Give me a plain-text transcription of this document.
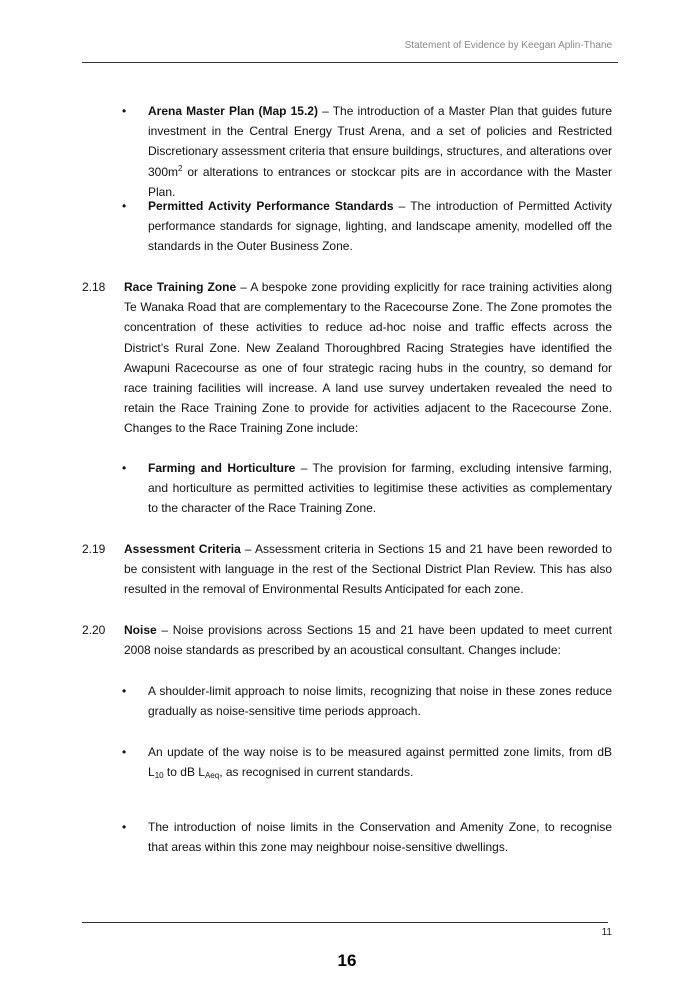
Statement of Evidence by Keegan Aplin-Thane
• Arena Master Plan (Map 15.2) – The introduction of a Master Plan that guides future investment in the Central Energy Trust Arena, and a set of policies and Restricted Discretionary assessment criteria that ensure buildings, structures, and alterations over $300m^2$ or alterations to entrances or stockcar pits are in accordance with the Master Plan.
• Permitted Activity Performance Standards – The introduction of Permitted Activity performance standards for signage, lighting, and landscape amenity, modelled off the standards in the Outer Business Zone.
2.18 Race Training Zone – A bespoke zone providing explicitly for race training activities along Te Wanaka Road that are complementary to the Racecourse Zone. The Zone promotes the concentration of these activities to reduce ad-hoc noise and traffic effects across the District’s Rural Zone. New Zealand Thoroughbred Racing Strategies have identified the Awapuni Racecourse as one of four strategic racing hubs in the country, so demand for race training facilities will increase. A land use survey undertaken revealed the need to retain the Race Training Zone to provide for activities adjacent to the Racecourse Zone. Changes to the Race Training Zone include:
• Farming and Horticulture – The provision for farming, excluding intensive farming, and horticulture as permitted activities to legitimise these activities as complementary to the character of the Race Training Zone.
2.19 Assessment Criteria – Assessment criteria in Sections 15 and 21 have been reworded to be consistent with language in the rest of the Sectional District Plan Review. This has also resulted in the removal of Environmental Results Anticipated for each zone.
2.20 Noise – Noise provisions across Sections 15 and 21 have been updated to meet current 2008 noise standards as prescribed by an acoustical consultant. Changes include:
• A shoulder-limit approach to noise limits, recognizing that noise in these zones reduce gradually as noise-sensitive time periods approach.
• An update of the way noise is to be measured against permitted zone limits, from dB $L_{10}$ to dB $L_{Aeq}$, as recognised in current standards.
• The introduction of noise limits in the Conservation and Amenity Zone, to recognise that areas within this zone may neighbour noise-sensitive dwellings.
11
16
